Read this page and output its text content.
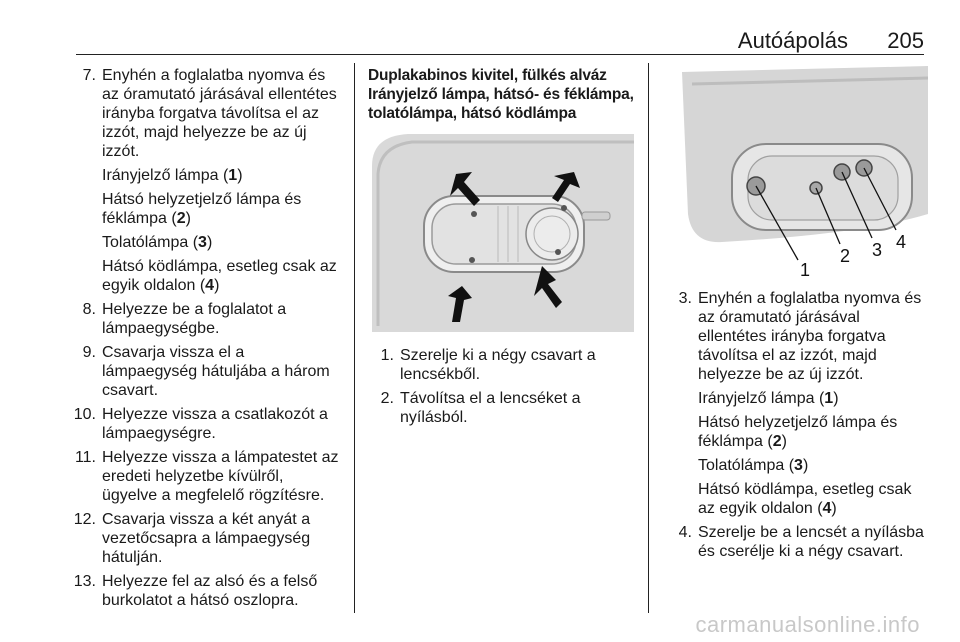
Autóápolás 205
7. Enyhén a foglalatba nyomva és az óramutató járásával ellentétes irányba forgatva távolítsa el az izzót, majd helyezze be az új izzót.

Irányjelző lámpa (1)

Hátsó helyzetjelző lámpa és féklámpa (2)

Tolatólámpa (3)

Hátsó ködlámpa, esetleg csak az egyik oldalon (4)

8. Helyezze be a foglalatot a lámpaegységbe.
9. Csavarja vissza el a lámpaegység hátuljába a három csavart.
10. Helyezze vissza a csatlakozót a lámpaegységre.
11. Helyezze vissza a lámpatestet az eredeti helyzetbe kívülről, ügyelve a megfelelő rögzítésre.
12. Csavarja vissza a két anyát a vezetőcsapra a lámpaegység hátulján.
13. Helyezze fel az alsó és a felső burkolatot a hátsó oszlopra.
Duplakabinos kivitel, fülkés alváz
Irányjelző lámpa, hátsó- és féklámpa, tolatólámpa, hátsó ködlámpa
1. Szerelje ki a négy csavart a lencsékből.
2. Távolítsa el a lencséket a nyílásból.
1
2 3 4
3. Enyhén a foglalatba nyomva és az óramutató járásával ellentétes irányba forgatva távolítsa el az izzót, majd helyezze be az új izzót.

Irányjelző lámpa (1)

Hátsó helyzetjelző lámpa és féklámpa (2)

Tolatólámpa (3)

Hátsó ködlámpa, esetleg csak az egyik oldalon (4)

4. Szerelje be a lencsét a nyílásba és cserélje ki a négy csavart.
carmanualsonline.info
